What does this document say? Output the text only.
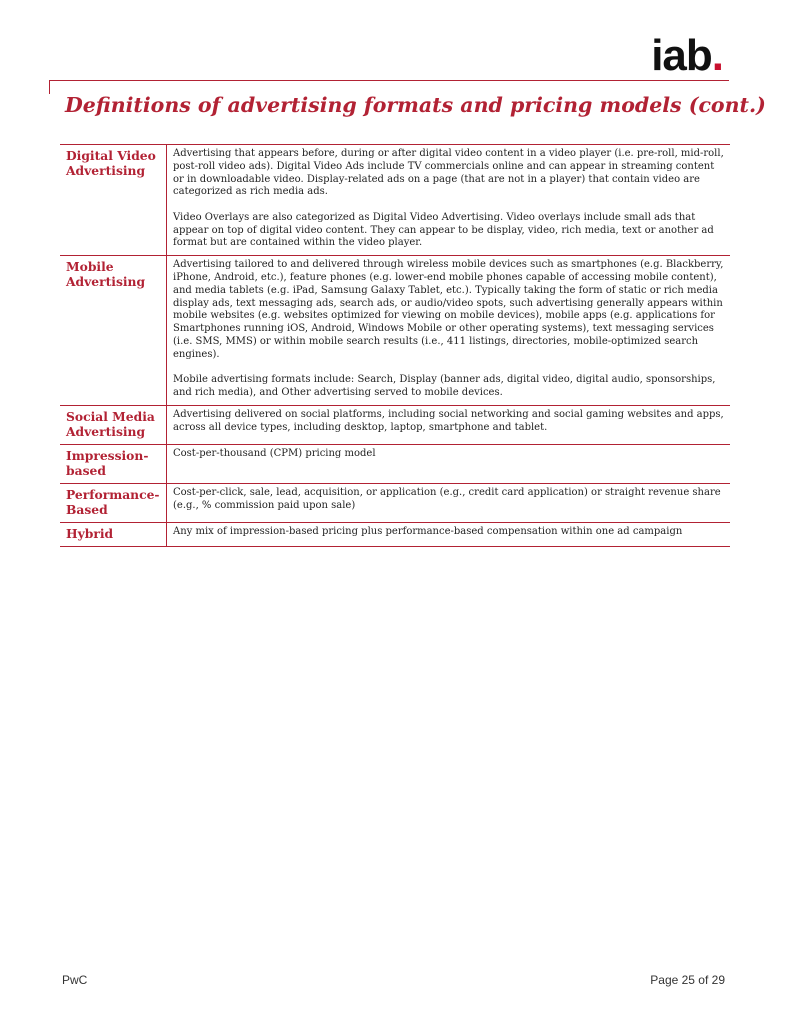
iab.
Definitions of advertising formats and pricing models (cont.)
Digital Video Advertising	Advertising that appears before, during or after digital video content in a video player (i.e. pre-roll, mid-roll, post-roll video ads). Digital Video Ads include TV commercials online and can appear in streaming content or in downloadable video. Display-related ads on a page (that are not in a player) that contain video are categorized as rich media ads.

Video Overlays are also categorized as Digital Video Advertising. Video overlays include small ads that appear on top of digital video content. They can appear to be display, video, rich media, text or another ad format but are contained within the video player.

Mobile Advertising	Advertising tailored to and delivered through wireless mobile devices such as smartphones (e.g. Blackberry, iPhone, Android, etc.), feature phones (e.g. lower-end mobile phones capable of accessing mobile content), and media tablets (e.g. iPad, Samsung Galaxy Tablet, etc.). Typically taking the form of static or rich media display ads, text messaging ads, search ads, or audio/video spots, such advertising generally appears within mobile websites (e.g. websites optimized for viewing on mobile devices), mobile apps (e.g. applications for Smartphones running iOS, Android, Windows Mobile or other operating systems), text messaging services (i.e. SMS, MMS) or within mobile search results (i.e., 411 listings, directories, mobile-optimized search engines).

Mobile advertising formats include: Search, Display (banner ads, digital video, digital audio, sponsorships, and rich media), and Other advertising served to mobile devices.

Social Media Advertising	Advertising delivered on social platforms, including social networking and social gaming websites and apps, across all device types, including desktop, laptop, smartphone and tablet.

Impression-based	Cost-per-thousand (CPM) pricing model

Performance-Based	Cost-per-click, sale, lead, acquisition, or application (e.g., credit card application) or straight revenue share (e.g., % commission paid upon sale)

Hybrid	Any mix of impression-based pricing plus performance-based compensation within one ad campaign

PwC	Page 25 of 29
